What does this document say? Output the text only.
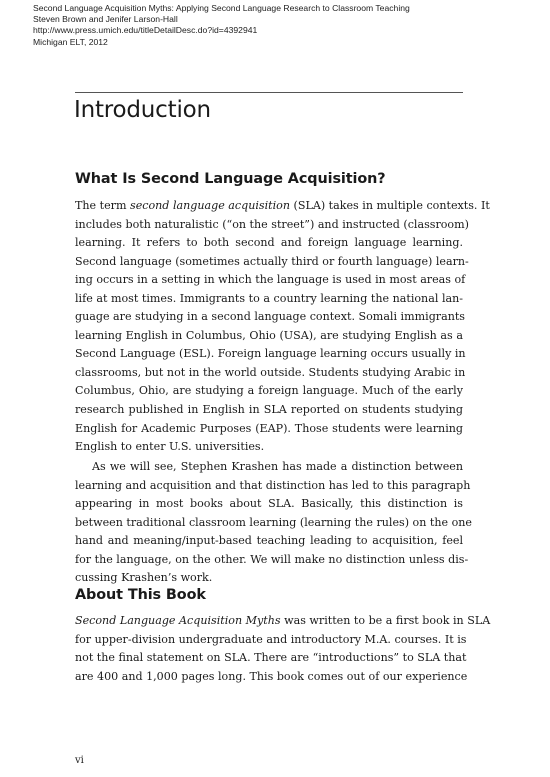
Second Language Acquisition Myths: Applying Second Language Research to Classroom Teaching
Steven Brown and Jenifer Larson-Hall
http://www.press.umich.edu/titleDetailDesc.do?id=4392941
Michigan ELT, 2012
Introduction
What Is Second Language Acquisition?
The term second language acquisition (SLA) takes in multiple contexts. It
includes both naturalistic (“on the street”) and instructed (classroom)
learning. It refers to both second and foreign language learning.
Second language (sometimes actually third or fourth language) learn-
ing occurs in a setting in which the language is used in most areas of
life at most times. Immigrants to a country learning the national lan-
guage are studying in a second language context. Somali immigrants
learning English in Columbus, Ohio (USA), are studying English as a
Second Language (ESL). Foreign language learning occurs usually in
classrooms, but not in the world outside. Students studying Arabic in
Columbus, Ohio, are studying a foreign language. Much of the early
research published in English in SLA reported on students studying
English for Academic Purposes (EAP). Those students were learning
English to enter U.S. universities.
As we will see, Stephen Krashen has made a distinction between
learning and acquisition and that distinction has led to this paragraph
appearing in most books about SLA. Basically, this distinction is
between traditional classroom learning (learning the rules) on the one
hand and meaning/input-based teaching leading to acquisition, feel
for the language, on the other. We will make no distinction unless dis-
cussing Krashen’s work.
About This Book
Second Language Acquisition Myths was written to be a first book in SLA
for upper-division undergraduate and introductory M.A. courses. It is
not the final statement on SLA. There are “introductions” to SLA that
are 400 and 1,000 pages long. This book comes out of our experience
vi
